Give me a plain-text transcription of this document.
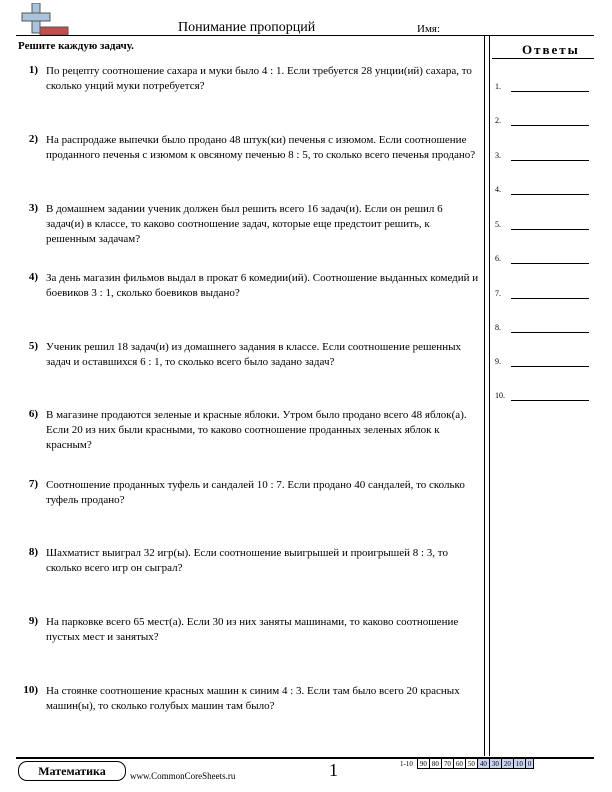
Понимание пропорций	Имя:
Решите каждую задачу.
1) По рецепту соотношение сахара и муки было 4 : 1. Если требуется 28 унции(ий) сахара, то сколько унций муки потребуется?
2) На распродаже выпечки было продано 48 штук(ки) печенья с изюмом. Если соотношение проданного печенья с изюмом к овсяному печенью 8 : 5, то сколько всего печенья продано?
3) В домашнем задании ученик должен был решить всего 16 задач(и). Если он решил 6 задач(и) в классе, то каково соотношение задач, которые еще предстоит решить, к решенным задачам?
4) За день магазин фильмов выдал в прокат 6 комедии(ий). Соотношение выданных комедий и боевиков 3 : 1, сколько боевиков выдано?
5) Ученик решил 18 задач(и) из домашнего задания в классе. Если соотношение решенных задач и оставшихся 6 : 1, то сколько всего было задано задач?
6) В магазине продаются зеленые и красные яблоки. Утром было продано всего 48 яблок(а). Если 20 из них были красными, то каково соотношение проданных зеленых яблок к красным?
7) Соотношение проданных туфель и сандалей 10 : 7. Если продано 40 сандалей, то сколько туфель продано?
8) Шахматист выиграл 32 игр(ы). Если соотношение выигрышей и проигрышей 8 : 3, то сколько всего игр он сыграл?
9) На парковке всего 65 мест(а). Если 30 из них заняты машинами, то каково соотношение пустых мест и занятых?
10) На стоянке соотношение красных машин к синим 4 : 3. Если там было всего 20 красных машин(ы), то сколько голубых машин там было?
Ответы
1.
2.
3.
4.
5.
6.
7.
8.
9.
10.
Математика	www.CommonCoreSheets.ru	1	1-10	90	80	70	60	50	40	30	20	10	0
